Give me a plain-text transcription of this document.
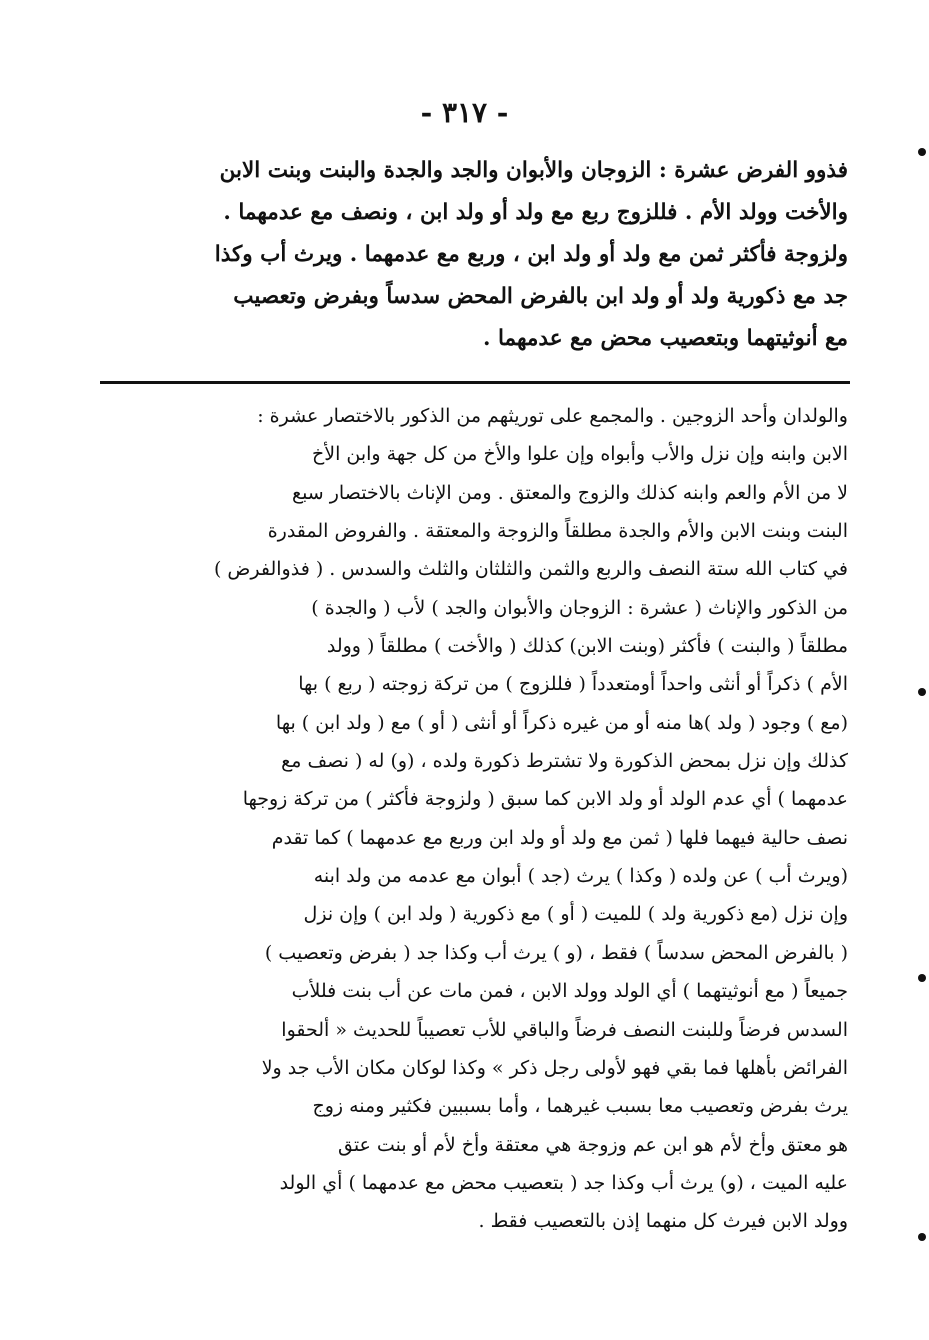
- ٣١٧ -
فذوو الفرض عشرة : الزوجان والأبوان والجد والجدة والبنت وبنت الابن
والأخت وولد الأم . فللزوج ربع مع ولد أو ولد ابن ، ونصف مع عدمهما .
ولزوجة فأكثر ثمن مع ولد أو ولد ابن ، وربع مع عدمهما . ويرث أب وكذا
جد مع ذكورية ولد أو ولد ابن بالفرض المحض سدساً وبفرض وتعصيب
مع أنوثيتهما وبتعصيب محض مع عدمهما .
والولدان وأحد الزوجين . والمجمع على توريثهم من الذكور بالاختصار عشرة :
الابن وابنه وإن نزل والأب وأبواه وإن علوا والأخ من كل جهة وابن الأخ
لا من الأم والعم وابنه كذلك والزوج والمعتق . ومن الإناث بالاختصار سبع
البنت وبنت الابن والأم والجدة مطلقاً والزوجة والمعتقة . والفروض المقدرة
في كتاب الله ستة النصف والربع والثمن والثلثان والثلث والسدس . ( فذوالفرض )
من الذكور والإناث ( عشرة : الزوجان والأبوان والجد ) لأب ( والجدة )
مطلقاً ( والبنت ) فأكثر (وبنت الابن) كذلك ( والأخت ) مطلقاً ( وولد
الأم ) ذكراً أو أنثى واحداً أومتعدداً ( فللزوج ) من تركة زوجته ( ربع ) بها
(مع ) وجود ( ولد )ها منه أو من غيره ذكراً أو أنثى ( أو ) مع ( ولد ابن ) بها
كذلك وإن نزل بمحض الذكورة ولا تشترط ذكورة ولده ، (و) له ( نصف مع
عدمهما ) أي عدم الولد أو ولد الابن كما سبق ( ولزوجة فأكثر ) من تركة زوجها
نصف حالية فيهما فلها ( ثمن مع ولد أو ولد ابن وربع مع عدمهما ) كما تقدم
(ويرث أب ) عن ولده ( وكذا ) يرث (جد ) أبوان مع عدمه من ولد ابنه
وإن نزل (مع ذكورية ولد ) للميت ( أو ) مع ذكورية ( ولد ابن ) وإن نزل
( بالفرض المحض سدساً ) فقط ، (و ) يرث أب وكذا جد ( بفرض وتعصيب )
جميعاً ( مع أنوثيتهما ) أي الولد وولد الابن ، فمن مات عن أب بنت فللأب
السدس فرضاً وللبنت النصف فرضاً والباقي للأب تعصيباً للحديث « ألحقوا
الفرائض بأهلها فما بقي فهو لأولى رجل ذكر » وكذا لوكان مكان الأب جد ولا
يرث بفرض وتعصيب معا بسبب غيرهما ، وأما بسببين فكثير ومنه زوج
هو معتق وأخ لأم هو ابن عم وزوجة هي معتقة وأخ لأم أو بنت عتق
عليه الميت ، (و) يرث أب وكذا جد ( بتعصيب محض مع عدمهما ) أي الولد
وولد الابن فيرث كل منهما إذن بالتعصيب فقط .
